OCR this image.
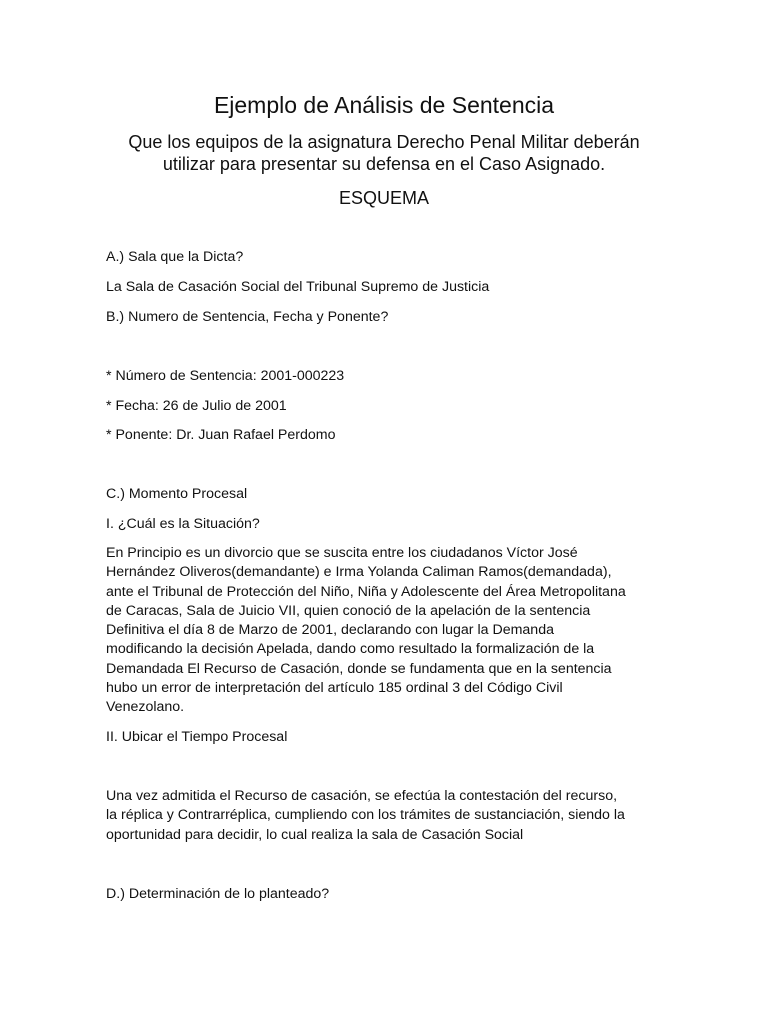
Ejemplo de Análisis de Sentencia
Que los equipos de la asignatura Derecho Penal Militar deberán
utilizar para presentar su defensa en el Caso Asignado.
ESQUEMA
A.) Sala que la Dicta?
La Sala de Casación Social del Tribunal Supremo de Justicia
B.) Numero de Sentencia, Fecha y Ponente?
* Número de Sentencia: 2001-000223
* Fecha: 26 de Julio de 2001
* Ponente: Dr. Juan Rafael Perdomo
C.) Momento Procesal
I. ¿Cuál es la Situación?
En Principio es un divorcio que se suscita entre los ciudadanos Víctor José
Hernández Oliveros(demandante) e Irma Yolanda Caliman Ramos(demandada),
ante el Tribunal de Protección del Niño, Niña y Adolescente del Área Metropolitana
de Caracas, Sala de Juicio VII, quien conoció de la apelación de la sentencia
Definitiva el día 8 de Marzo de 2001, declarando con lugar la Demanda
modificando la decisión Apelada, dando como resultado la formalización de la
Demandada El Recurso de Casación, donde se fundamenta que en la sentencia
hubo un error de interpretación del artículo 185 ordinal 3 del Código Civil
Venezolano.
II. Ubicar el Tiempo Procesal
Una vez admitida el Recurso de casación, se efectúa la contestación del recurso,
la réplica y Contrarréplica, cumpliendo con los trámites de sustanciación, siendo la
oportunidad para decidir, lo cual realiza la sala de Casación Social
D.) Determinación de lo planteado?
